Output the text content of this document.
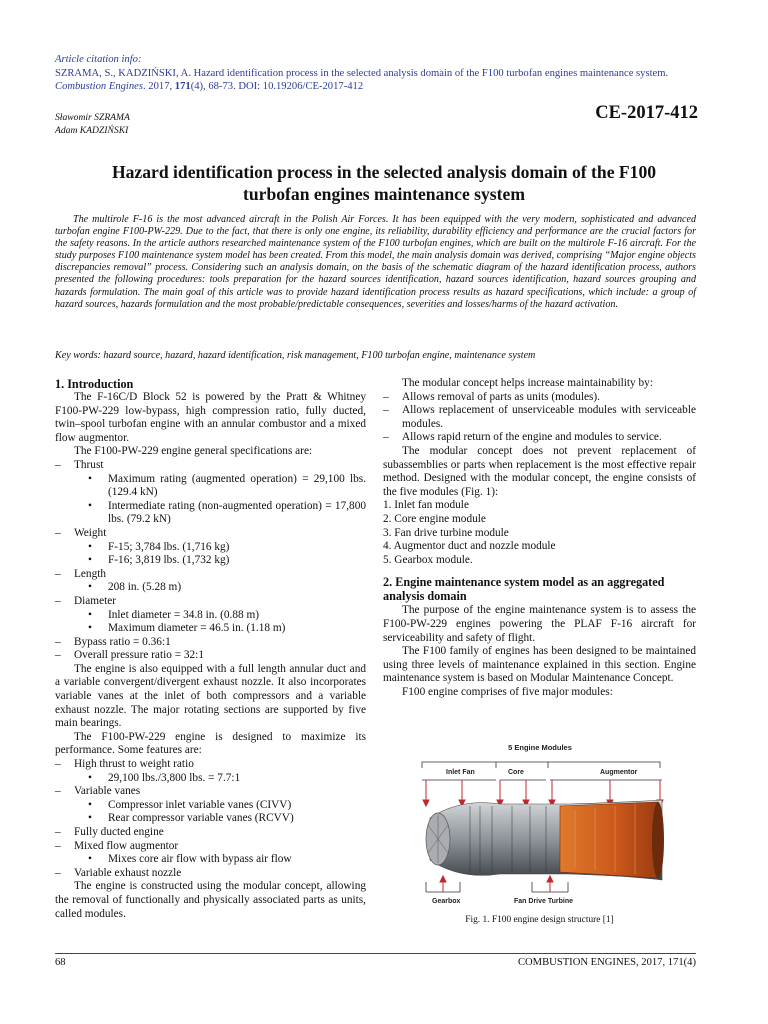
Article citation info:
SZRAMA, S., KADZIŃSKI, A. Hazard identification process in the selected analysis domain of the F100 turbofan engines maintenance system. Combustion Engines. 2017, 171(4), 68-73. DOI: 10.19206/CE-2017-412
Sławomir SZRAMA
Adam KADZIŃSKI
CE-2017-412
Hazard identification process in the selected analysis domain of the F100 turbofan engines maintenance system
The multirole F-16 is the most advanced aircraft in the Polish Air Forces. It has been equipped with the very modern, sophisticated and advanced turbofan engine F100-PW-229. Due to the fact, that there is only one engine, its reliability, durability efficiency and performance are the crucial factors for the safety reasons. In the article authors researched maintenance system of the F100 turbofan engines, which are built on the multirole F-16 aircraft. For the study purposes F100 maintenance system model has been created. From this model, the main analysis domain was derived, comprising “Major engine objects discrepancies removal” process. Considering such an analysis domain, on the basis of the schematic diagram of the hazard identification process, authors presented the following procedures: tools preparation for the hazard sources identification, hazard sources identification, hazard sources grouping and hazards formulation. The main goal of this article was to provide hazard identification process results as hazard specifications, which include: a group of hazard sources, hazards formulation and the most probable/predictable consequences, severities and losses/harms of the hazard activation.
Key words: hazard source, hazard, hazard identification, risk management, F100 turbofan engine, maintenance system
1. Introduction
The F-16C/D Block 52 is powered by the Pratt & Whitney F100-PW-229 low-bypass, high compression ratio, fully ducted, twin–spool turbofan engine with an annular combustor and a mixed flow augmentor.
The F100-PW-229 engine general specifications are:
– Thrust
• Maximum rating (augmented operation) = 29,100 lbs. (129.4 kN)
• Intermediate rating (non-augmented operation) = 17,800 lbs. (79.2 kN)
– Weight
• F-15; 3,784 lbs. (1,716 kg)
• F-16; 3,819 lbs. (1,732 kg)
– Length
• 208 in. (5.28 m)
– Diameter
• Inlet diameter = 34.8 in. (0.88 m)
• Maximum diameter = 46.5 in. (1.18 m)
– Bypass ratio = 0.36:1
– Overall pressure ratio = 32:1
The engine is also equipped with a full length annular duct and a variable convergent/divergent exhaust nozzle. It also incorporates variable vanes at the inlet of both compressors and a variable exhaust nozzle. The major rotating sections are supported by five main bearings.
The F100-PW-229 engine is designed to maximize its performance. Some features are:
– High thrust to weight ratio
• 29,100 lbs./3,800 lbs. = 7.7:1
– Variable vanes
• Compressor inlet variable vanes (CIVV)
• Rear compressor variable vanes (RCVV)
– Fully ducted engine
– Mixed flow augmentor
• Mixes core air flow with bypass air flow
– Variable exhaust nozzle
The engine is constructed using the modular concept, allowing the removal of functionally and physically associated parts as units, called modules.
The modular concept helps increase maintainability by:
– Allows removal of parts as units (modules).
– Allows replacement of unserviceable modules with serviceable modules.
– Allows rapid return of the engine and modules to service.
The modular concept does not prevent replacement of subassemblies or parts when replacement is the most effective repair method. Designed with the modular concept, the engine consists of the five modules (Fig. 1):
1. Inlet fan module
2. Core engine module
3. Fan drive turbine module
4. Augmentor duct and nozzle module
5. Gearbox module.
2. Engine maintenance system model as an aggregated analysis domain
The purpose of the engine maintenance system is to assess the F100-PW-229 engines powering the PLAF F-16 aircraft for serviceability and safety of flight.
The F100 family of engines has been designed to be maintained using three levels of maintenance explained in this section. Engine maintenance system is based on Modular Maintenance Concept.
F100 engine comprises of five major modules:
5 Engine Modules
Inlet Fan	Core	Augmentor
Gearbox	Fan Drive Turbine
Fig. 1. F100 engine design structure [1]
68	COMBUSTION ENGINES, 2017, 171(4)
